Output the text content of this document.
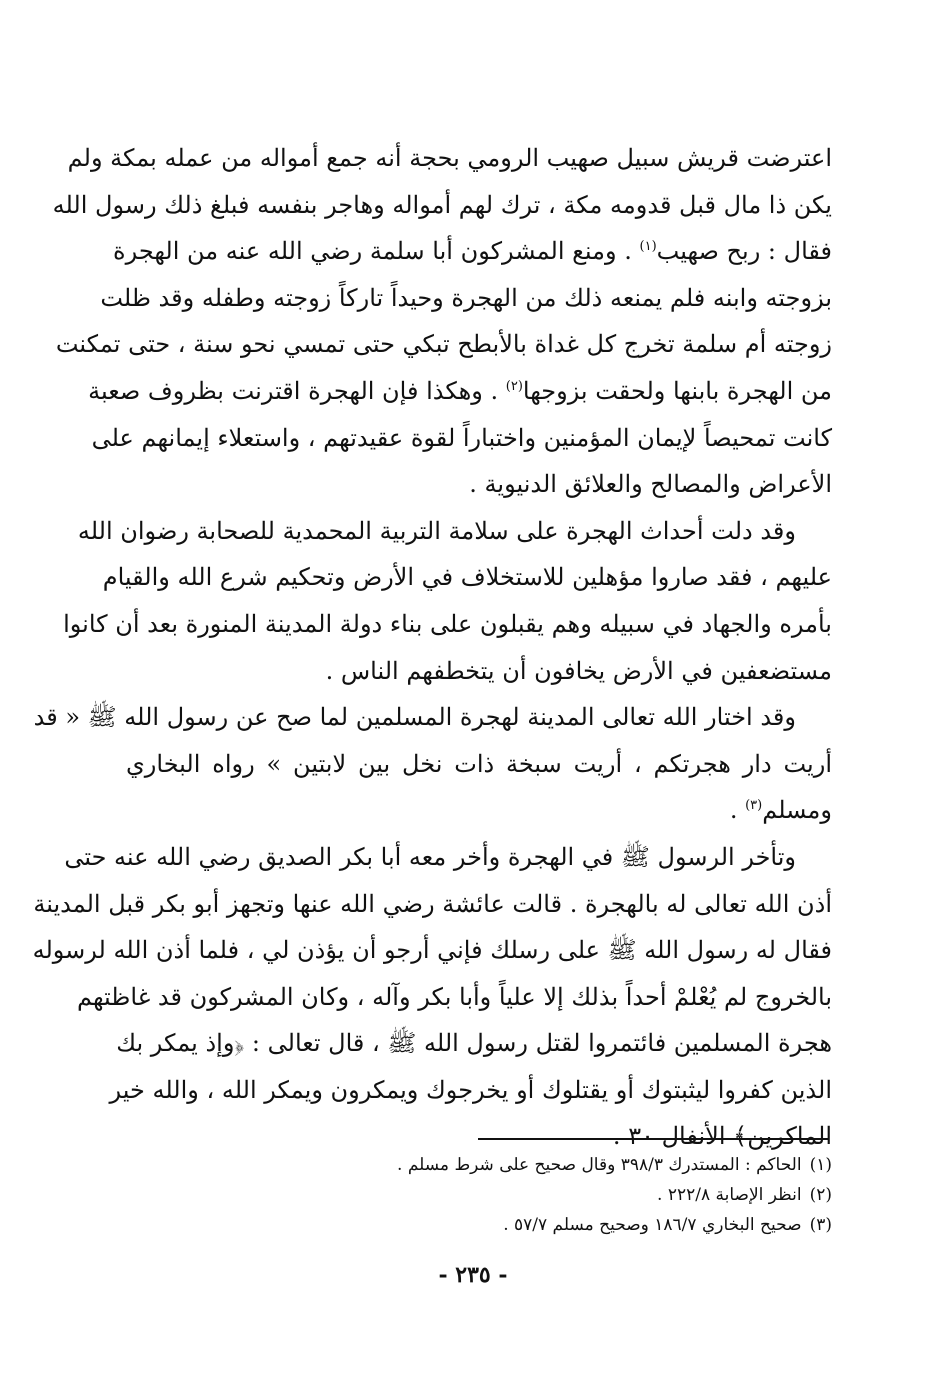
اعترضت قريش سبيل صهيب الرومي بحجة أنه جمع أمواله من عمله بمكة ولم
يكن ذا مال قبل قدومه مكة ، ترك لهم أمواله وهاجر بنفسه فبلغ ذلك رسول الله
فقال : ربح صهيب$^{(١)}$ . ومنع المشركون أبا سلمة رضي الله عنه من الهجرة
بزوجته وابنه فلم يمنعه ذلك من الهجرة وحيداً تاركاً زوجته وطفله وقد ظلت
زوجته أم سلمة تخرج كل غداة بالأبطح تبكي حتى تمسي نحو سنة ، حتى تمكنت
من الهجرة بابنها ولحقت بزوجها$^{(٢)}$ . وهكذا فإن الهجرة اقترنت بظروف صعبة
كانت تمحيصاً لإيمان المؤمنين واختباراً لقوة عقيدتهم ، واستعلاء إيمانهم على
الأعراض والمصالح والعلائق الدنيوية .
وقد دلت أحداث الهجرة على سلامة التربية المحمدية للصحابة رضوان الله
عليهم ، فقد صاروا مؤهلين للاستخلاف في الأرض وتحكيم شرع الله والقيام
بأمره والجهاد في سبيله وهم يقبلون على بناء دولة المدينة المنورة بعد أن كانوا
مستضعفين في الأرض يخافون أن يتخطفهم الناس .
وقد اختار الله تعالى المدينة لهجرة المسلمين لما صح عن رسول الله ﷺ « قد
أريت دار هجرتكم ، أريت سبخة ذات نخل بين لابتين » رواه البخاري
ومسلم$^{(٣)}$ .
وتأخر الرسول ﷺ في الهجرة وأخر معه أبا بكر الصديق رضي الله عنه حتى
أذن الله تعالى له بالهجرة . قالت عائشة رضي الله عنها وتجهز أبو بكر قبل المدينة
فقال له رسول الله ﷺ على رسلك فإني أرجو أن يؤذن لي ، فلما أذن الله لرسوله
بالخروج لم يُعْلمْ أحداً بذلك إلا علياً وأبا بكر وآله ، وكان المشركون قد غاظتهم
هجرة المسلمين فائتمروا لقتل رسول الله ﷺ ، قال تعالى : ﴿وإذ يمكر بك
الذين كفروا ليثبتوك أو يقتلوك أو يخرجوك ويمكرون ويمكر الله ، والله خير
الماكرين﴾ الأنفال ٣٠ .
(١)الحاكم : المستدرك ٣٩٨/٣ وقال صحيح على شرط مسلم .
(٢)انظر الإصابة ٢٢٢/٨ .
(٣)صحيح البخاري ١٨٦/٧ وصحيح مسلم ٥٧/٧ .
- ٢٣٥ -
